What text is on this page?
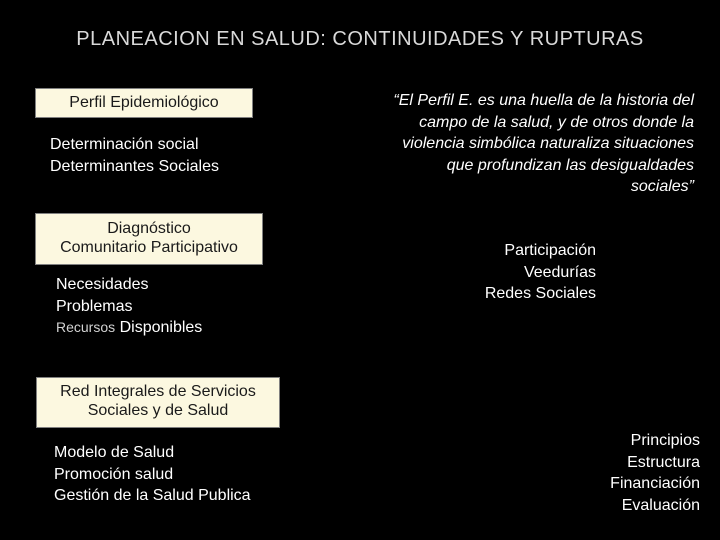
PLANEACION EN SALUD: CONTINUIDADES Y RUPTURAS
Perfil Epidemiológico
Determinación social
Determinantes Sociales
“El Perfil E. es una huella de la historia del
campo de la salud, y de otros donde la
violencia simbólica naturaliza situaciones
que profundizan las desigualdades
sociales”
Diagnóstico
Comunitario Participativo
Necesidades
Problemas
Recursos Disponibles
Participación
Veedurías
Redes Sociales
Red Integrales de Servicios
Sociales y de Salud
Modelo de Salud
Promoción salud
Gestión de la Salud Publica
Principios
Estructura
Financiación
Evaluación
